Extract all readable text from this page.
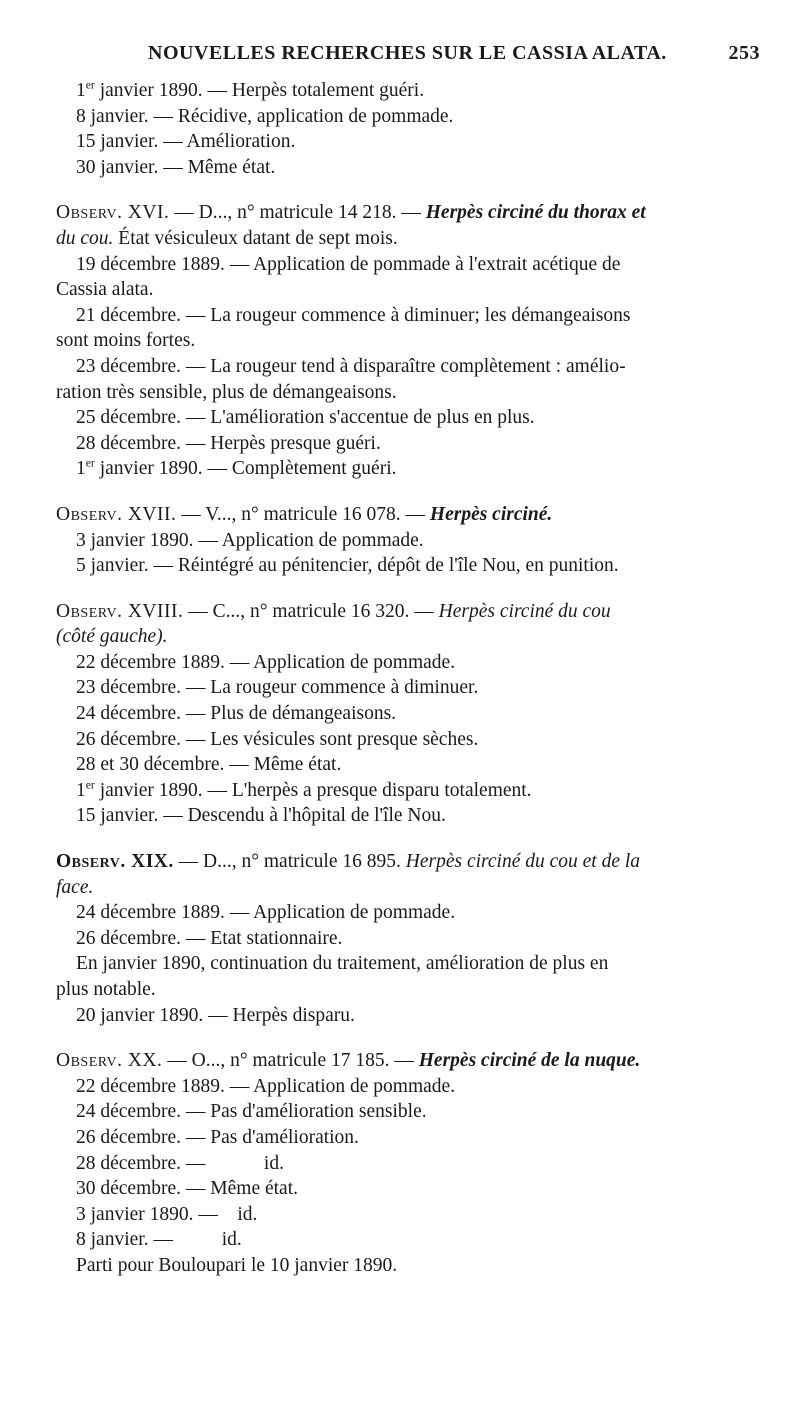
NOUVELLES RECHERCHES SUR LE CASSIA ALATA.	253
1er janvier 1890. — Herpès totalement guéri.
8 janvier. — Récidive, application de pommade.
15 janvier. — Amélioration.
30 janvier. — Même état.
Observ. XVI. — D..., n° matricule 14 218. — Herpès circiné du thorax et
du cou. État vésiculeux datant de sept mois.
19 décembre 1889. — Application de pommade à l'extrait acétique de
Cassia alata.
21 décembre. — La rougeur commence à diminuer; les démangeaisons
sont moins fortes.
23 décembre. — La rougeur tend à disparaître complètement : amélio-
ration très sensible, plus de démangeaisons.
25 décembre. — L'amélioration s'accentue de plus en plus.
28 décembre. — Herpès presque guéri.
1er janvier 1890. — Complètement guéri.
Observ. XVII. — V..., n° matricule 16 078. — Herpès circiné.
3 janvier 1890. — Application de pommade.
5 janvier. — Réintégré au pénitencier, dépôt de l'île Nou, en punition.
Observ. XVIII. — C..., n° matricule 16 320. — Herpès circiné du cou
(côté gauche).
22 décembre 1889. — Application de pommade.
23 décembre. — La rougeur commence à diminuer.
24 décembre. — Plus de démangeaisons.
26 décembre. — Les vésicules sont presque sèches.
28 et 30 décembre. — Même état.
1er janvier 1890. — L'herpès a presque disparu totalement.
15 janvier. — Descendu à l'hôpital de l'île Nou.
Observ. XIX. — D..., n° matricule 16 895. Herpès circiné du cou et de la
face.
24 décembre 1889. — Application de pommade.
26 décembre. — Etat stationnaire.
En janvier 1890, continuation du traitement, amélioration de plus en
plus notable.
20 janvier 1890. — Herpès disparu.
Observ. XX. — O..., n° matricule 17 185. — Herpès circiné de la nuque.
22 décembre 1889. — Application de pommade.
24 décembre. — Pas d'amélioration sensible.
26 décembre. — Pas d'amélioration.
28 décembre. —	id.
30 décembre. — Même état.
3 janvier 1890. — id.
8 janvier. —	id.
Parti pour Bouloupari le 10 janvier 1890.
